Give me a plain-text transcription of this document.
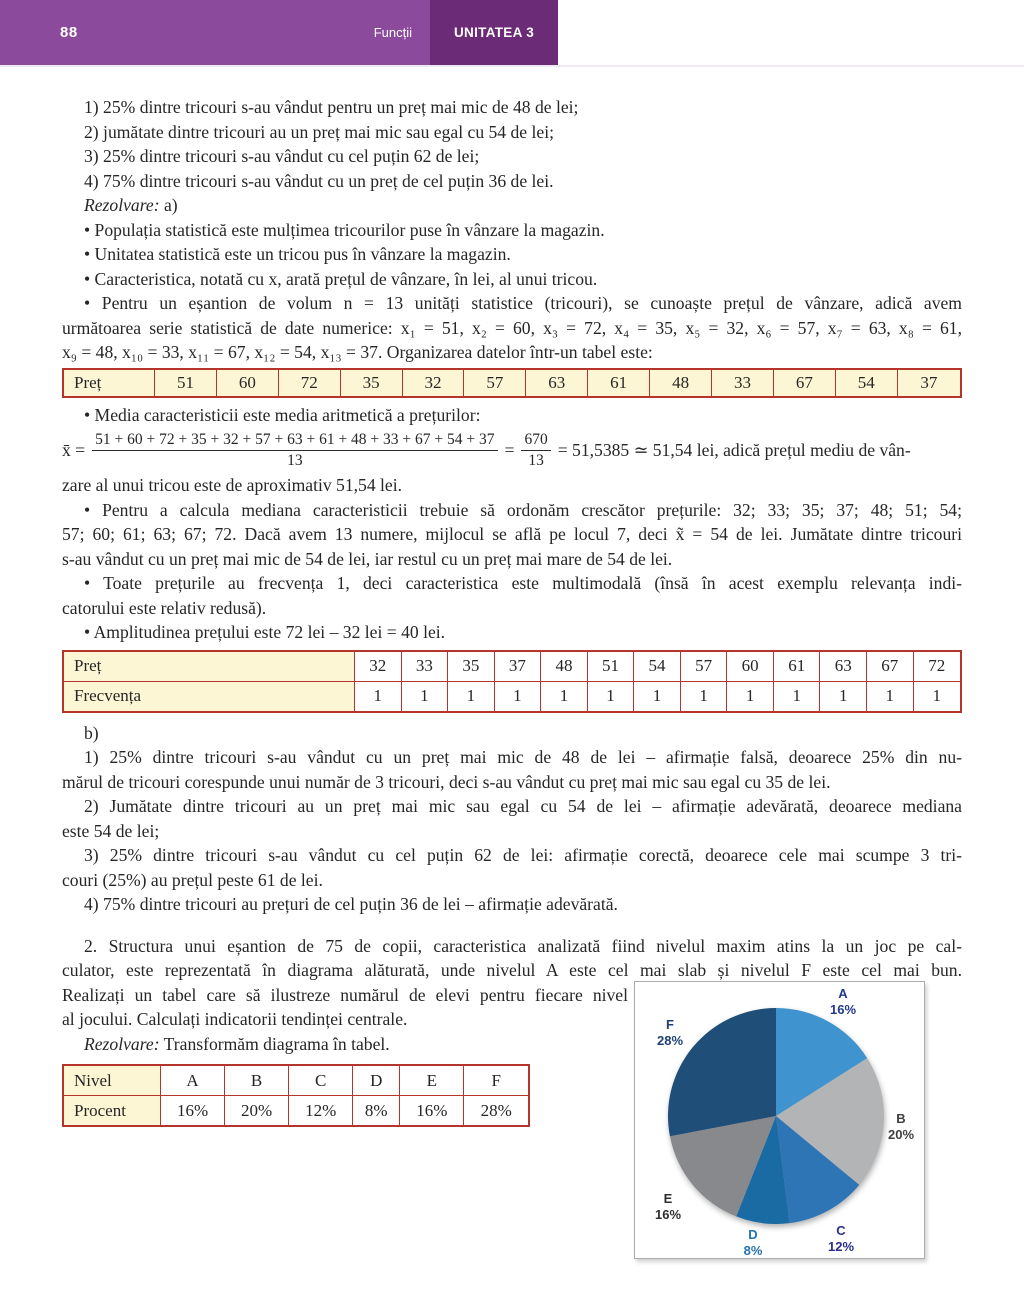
88	Funcții	UNITATEA 3

1) 25% dintre tricouri s-au vândut pentru un preț mai mic de 48 de lei;

2) jumătate dintre tricouri au un preț mai mic sau egal cu 54 de lei;

3) 25% dintre tricouri s-au vândut cu cel puțin 62 de lei;

4) 75% dintre tricouri s-au vândut cu un preț de cel puțin 36 de lei.

Rezolvare: a)

• Populația statistică este mulțimea tricourilor puse în vânzare la magazin.

• Unitatea statistică este un tricou pus în vânzare la magazin.

• Caracteristica, notată cu x, arată prețul de vânzare, în lei, al unui tricou.

• Pentru un eșantion de volum n = 13 unități statistice (tricouri), se cunoaște prețul de vânzare, adică avem

următoarea serie statistică de date numerice: x₁ = 51, x₂ = 60, x₃ = 72, x₄ = 35, x₅ = 32, x₆ = 57, x₇ = 63, x₈ = 61,

x₉ = 48, x₁₀ = 33, x₁₁ = 67, x₁₂ = 54, x₁₃ = 37. Organizarea datelor într-un tabel este:

Preț	51	60	72	35	32	57	63	61	48	33	67	54	37

• Media caracteristicii este media aritmetică a prețurilor:

x̄ =
51 + 60 + 72 + 35 + 32 + 57 + 63 + 61 + 48 + 33 + 67 + 54 + 37
13
= $\frac{670}{13} = 51,5385$ ≃ 51,54 lei, adică prețul mediu de vân-

zare al unui tricou este de aproximativ 51,54 lei.

• Pentru a calcula mediana caracteristicii trebuie să ordonăm crescător prețurile: 32; 33; 35; 37; 48; 51; 54;

57; 60; 61; 63; 67; 72. Dacă avem 13 numere, mijlocul se află pe locul 7, deci x̃ = 54 de lei. Jumătate dintre tricouri

s-au vândut cu un preț mai mic de 54 de lei, iar restul cu un preț mai mare de 54 de lei.

• Toate prețurile au frecvența 1, deci caracteristica este multimodală (însă în acest exemplu relevanța indi-

catorului este relativ redusă).

• Amplitudinea prețului este 72 lei – 32 lei = 40 lei.

Preț	32	33	35	37	48	51	54	57	60	61	63	67	72
Frecvența	1	1	1	1	1	1	1	1	1	1	1	1	1

b)

1) 25% dintre tricouri s-au vândut cu un preț mai mic de 48 de lei – afirmație falsă, deoarece 25% din nu-

mărul de tricouri corespunde unui număr de 3 tricouri, deci s-au vândut cu preț mai mic sau egal cu 35 de lei.

2) Jumătate dintre tricouri au un preț mai mic sau egal cu 54 de lei – afirmație adevărată, deoarece mediana

este 54 de lei;

3) 25% dintre tricouri s-au vândut cu cel puțin 62 de lei: afirmație corectă, deoarece cele mai scumpe 3 tri-

couri (25%) au prețul peste 61 de lei.

4) 75% dintre tricouri au prețuri de cel puțin 36 de lei – afirmație adevărată.

2. Structura unui eșantion de 75 de copii, caracteristica analizată fiind nivelul maxim atins la un joc pe cal-

culator, este reprezentată în diagrama alăturată, unde nivelul A este cel mai slab și nivelul F este cel mai bun.

Realizați un tabel care să ilustreze numărul de elevi pentru fiecare nivel

al jocului. Calculați indicatorii tendinței centrale.

Rezolvare: Transformăm diagrama în tabel.

Nivel	A	B	C	D	E	F
Procent	16%	20%	12%	8%	16%	28%
A
16%
B
20%
C
12%
D
8%
E
16%
F
28%
